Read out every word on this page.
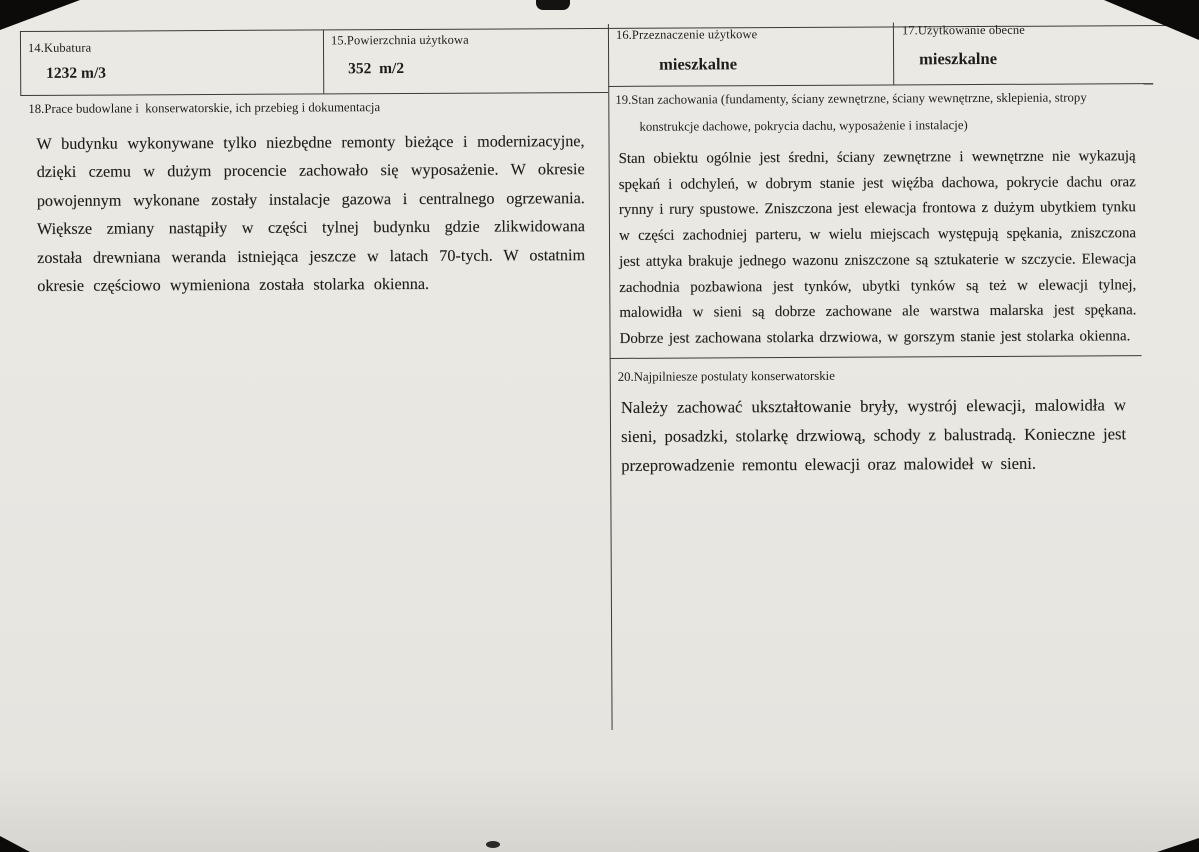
14.Kubatura
1232 m/3
15.Powierzchnia użytkowa
352  m/2
16.Przeznaczenie użytkowe
mieszkalne
17.Użytkowanie obecne
mieszkalne
18.Prace budowlane i  konserwatorskie, ich przebieg i dokumentacja
W budynku wykonywane tylko niezbędne remonty bieżące i modernizacyjne, dzięki czemu w dużym procencie zachowało się wyposażenie. W okresie powojennym wykonane zostały instalacje gazowa i centralnego ogrzewania. Większe zmiany nastąpiły w części tylnej budynku gdzie zlikwidowana została drewniana weranda istniejąca jeszcze w latach 70-tych. W ostatnim okresie częściowo wymieniona została stolarka okienna.
19.Stan zachowania (fundamenty, ściany zewnętrzne, ściany wewnętrzne, sklepienia, stropy
konstrukcje dachowe, pokrycia dachu, wyposażenie i instalacje)
Stan obiektu ogólnie jest średni, ściany zewnętrzne i wewnętrzne nie wykazują spękań i odchyleń, w dobrym stanie jest więźba dachowa, pokrycie dachu oraz rynny i rury spustowe. Zniszczona jest elewacja frontowa z dużym ubytkiem tynku w części zachodniej parteru, w wielu miejscach występują spękania, zniszczona jest attyka brakuje jednego wazonu zniszczone są sztukaterie w szczycie. Elewacja zachodnia pozbawiona jest tynków, ubytki tynków są też w elewacji tylnej, malowidła w sieni są dobrze zachowane ale warstwa malarska jest spękana. Dobrze jest zachowana stolarka drzwiowa, w gorszym stanie jest stolarka okienna.
20.Najpilniesze postulaty konserwatorskie
Należy zachować ukształtowanie bryły, wystrój elewacji, malowidła w sieni, posadzki, stolarkę drzwiową, schody z balustradą. Konieczne jest przeprowadzenie remontu elewacji oraz malowideł w sieni.
